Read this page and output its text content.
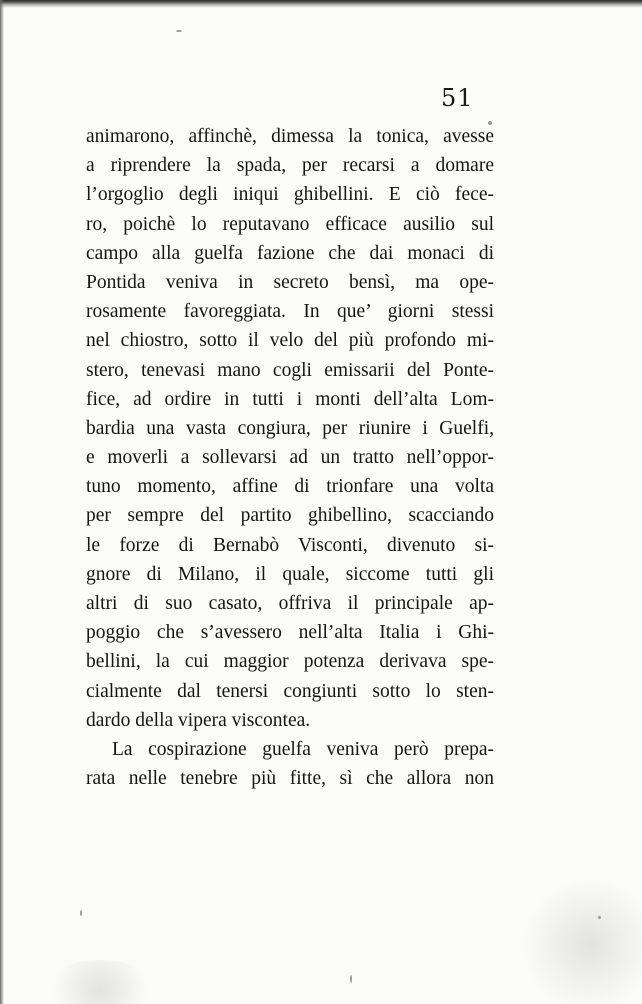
51
animarono, affinchè, dimessa la tonica, avesse
a riprendere la spada, per recarsi a domare
l’orgoglio degli iniqui ghibellini. E ciò fece-
ro, poichè lo reputavano efficace ausilio sul
campo alla guelfa fazione che dai monaci di
Pontida veniva in secreto bensì, ma ope-
rosamente favoreggiata. In que’ giorni stessi
nel chiostro, sotto il velo del più profondo mi-
stero, tenevasi mano cogli emissarii del Ponte-
fice, ad ordire in tutti i monti dell’alta Lom-
bardia una vasta congiura, per riunire i Guelfi,
e moverli a sollevarsi ad un tratto nell’oppor-
tuno momento, affine di trionfare una volta
per sempre del partito ghibellino, scacciando
le forze di Bernabò Visconti, divenuto si-
gnore di Milano, il quale, siccome tutti gli
altri di suo casato, offriva il principale ap-
poggio che s’avessero nell’alta Italia i Ghi-
bellini, la cui maggior potenza derivava spe-
cialmente dal tenersi congiunti sotto lo sten-
dardo della vipera viscontea.
La cospirazione guelfa veniva però prepa-
rata nelle tenebre più fitte, sì che allora non
